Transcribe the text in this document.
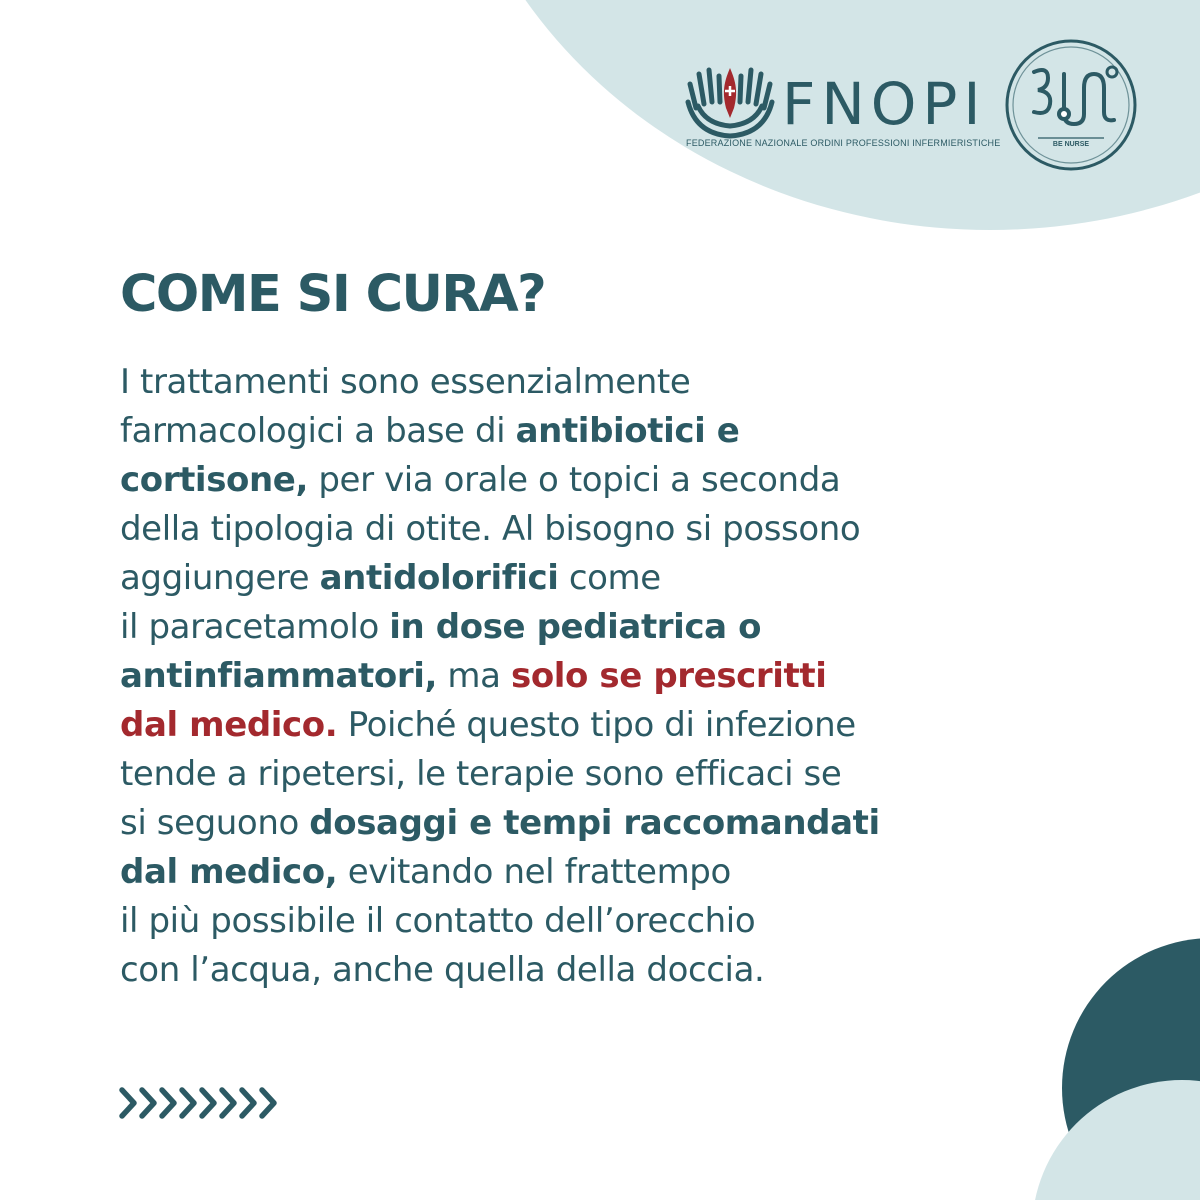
FNOPI
FEDERAZIONE NAZIONALE ORDINI PROFESSIONI INFERMIERISTICHE	BE NURSE
COME SI CURA?
I trattamenti sono essenzialmente
farmacologici a base di antibiotici e
cortisone, per via orale o topici a seconda
della tipologia di otite. Al bisogno si possono
aggiungere antidolorifici come
il paracetamolo in dose pediatrica o
antinfiammatori, ma solo se prescritti
dal medico. Poiché questo tipo di infezione
tende a ripetersi, le terapie sono efficaci se
si seguono dosaggi e tempi raccomandati
dal medico, evitando nel frattempo
il più possibile il contatto dell’orecchio
con l’acqua, anche quella della doccia.
